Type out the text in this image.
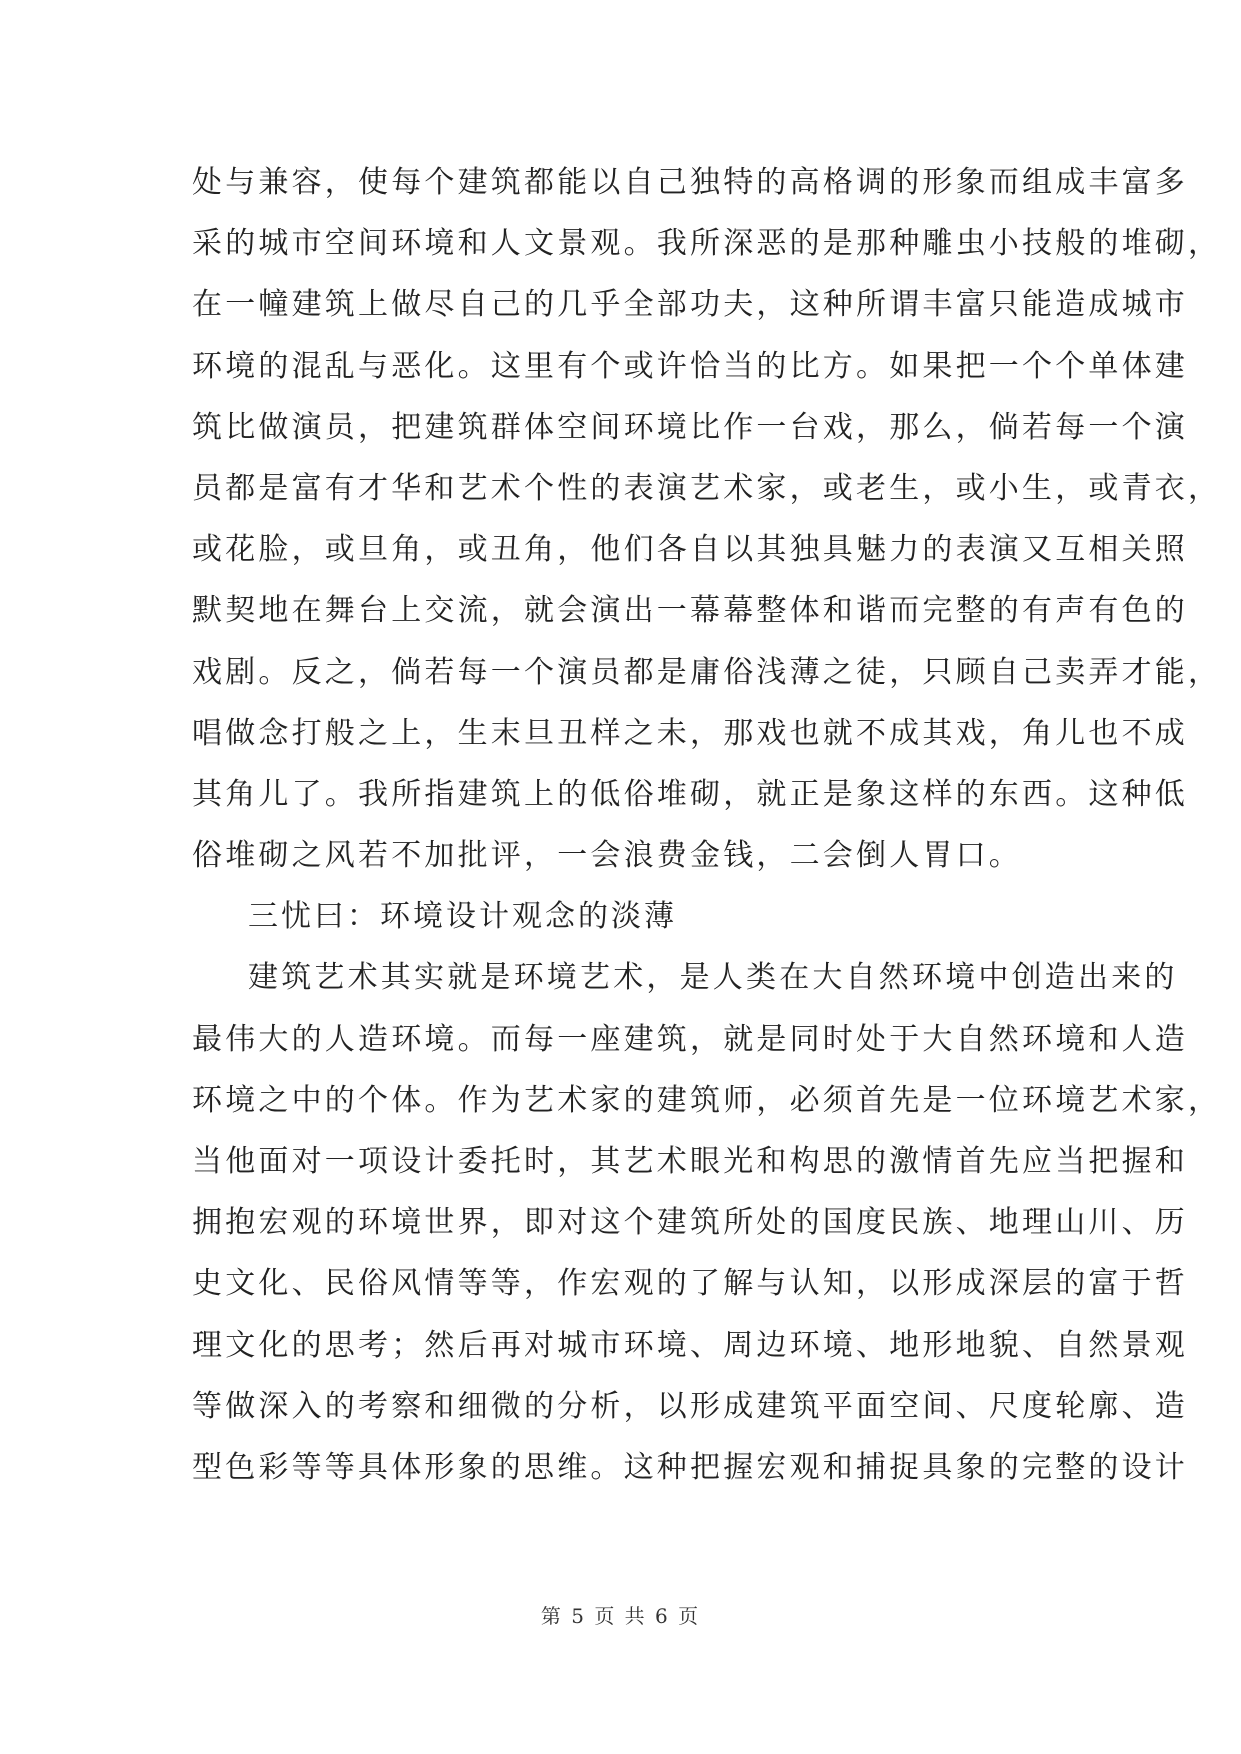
处与兼容，使每个建筑都能以自己独特的高格调的形象而组成丰富多
采的城市空间环境和人文景观。我所深恶的是那种雕虫小技般的堆砌，
在一幢建筑上做尽自己的几乎全部功夫，这种所谓丰富只能造成城市
环境的混乱与恶化。这里有个或许恰当的比方。如果把一个个单体建
筑比做演员，把建筑群体空间环境比作一台戏，那么，倘若每一个演
员都是富有才华和艺术个性的表演艺术家，或老生，或小生，或青衣，
或花脸，或旦角，或丑角，他们各自以其独具魅力的表演又互相关照
默契地在舞台上交流，就会演出一幕幕整体和谐而完整的有声有色的
戏剧。反之，倘若每一个演员都是庸俗浅薄之徒，只顾自己卖弄才能，
唱做念打般之上，生末旦丑样之未，那戏也就不成其戏，角儿也不成
其角儿了。我所指建筑上的低俗堆砌，就正是象这样的东西。这种低
俗堆砌之风若不加批评，一会浪费金钱，二会倒人胃口。
三忧曰：环境设计观念的淡薄
建筑艺术其实就是环境艺术，是人类在大自然环境中创造出来的
最伟大的人造环境。而每一座建筑，就是同时处于大自然环境和人造
环境之中的个体。作为艺术家的建筑师，必须首先是一位环境艺术家，
当他面对一项设计委托时，其艺术眼光和构思的激情首先应当把握和
拥抱宏观的环境世界，即对这个建筑所处的国度民族、地理山川、历
史文化、民俗风情等等，作宏观的了解与认知，以形成深层的富于哲
理文化的思考；然后再对城市环境、周边环境、地形地貌、自然景观
等做深入的考察和细微的分析，以形成建筑平面空间、尺度轮廓、造
型色彩等等具体形象的思维。这种把握宏观和捕捉具象的完整的设计
第 5 页 共 6 页
